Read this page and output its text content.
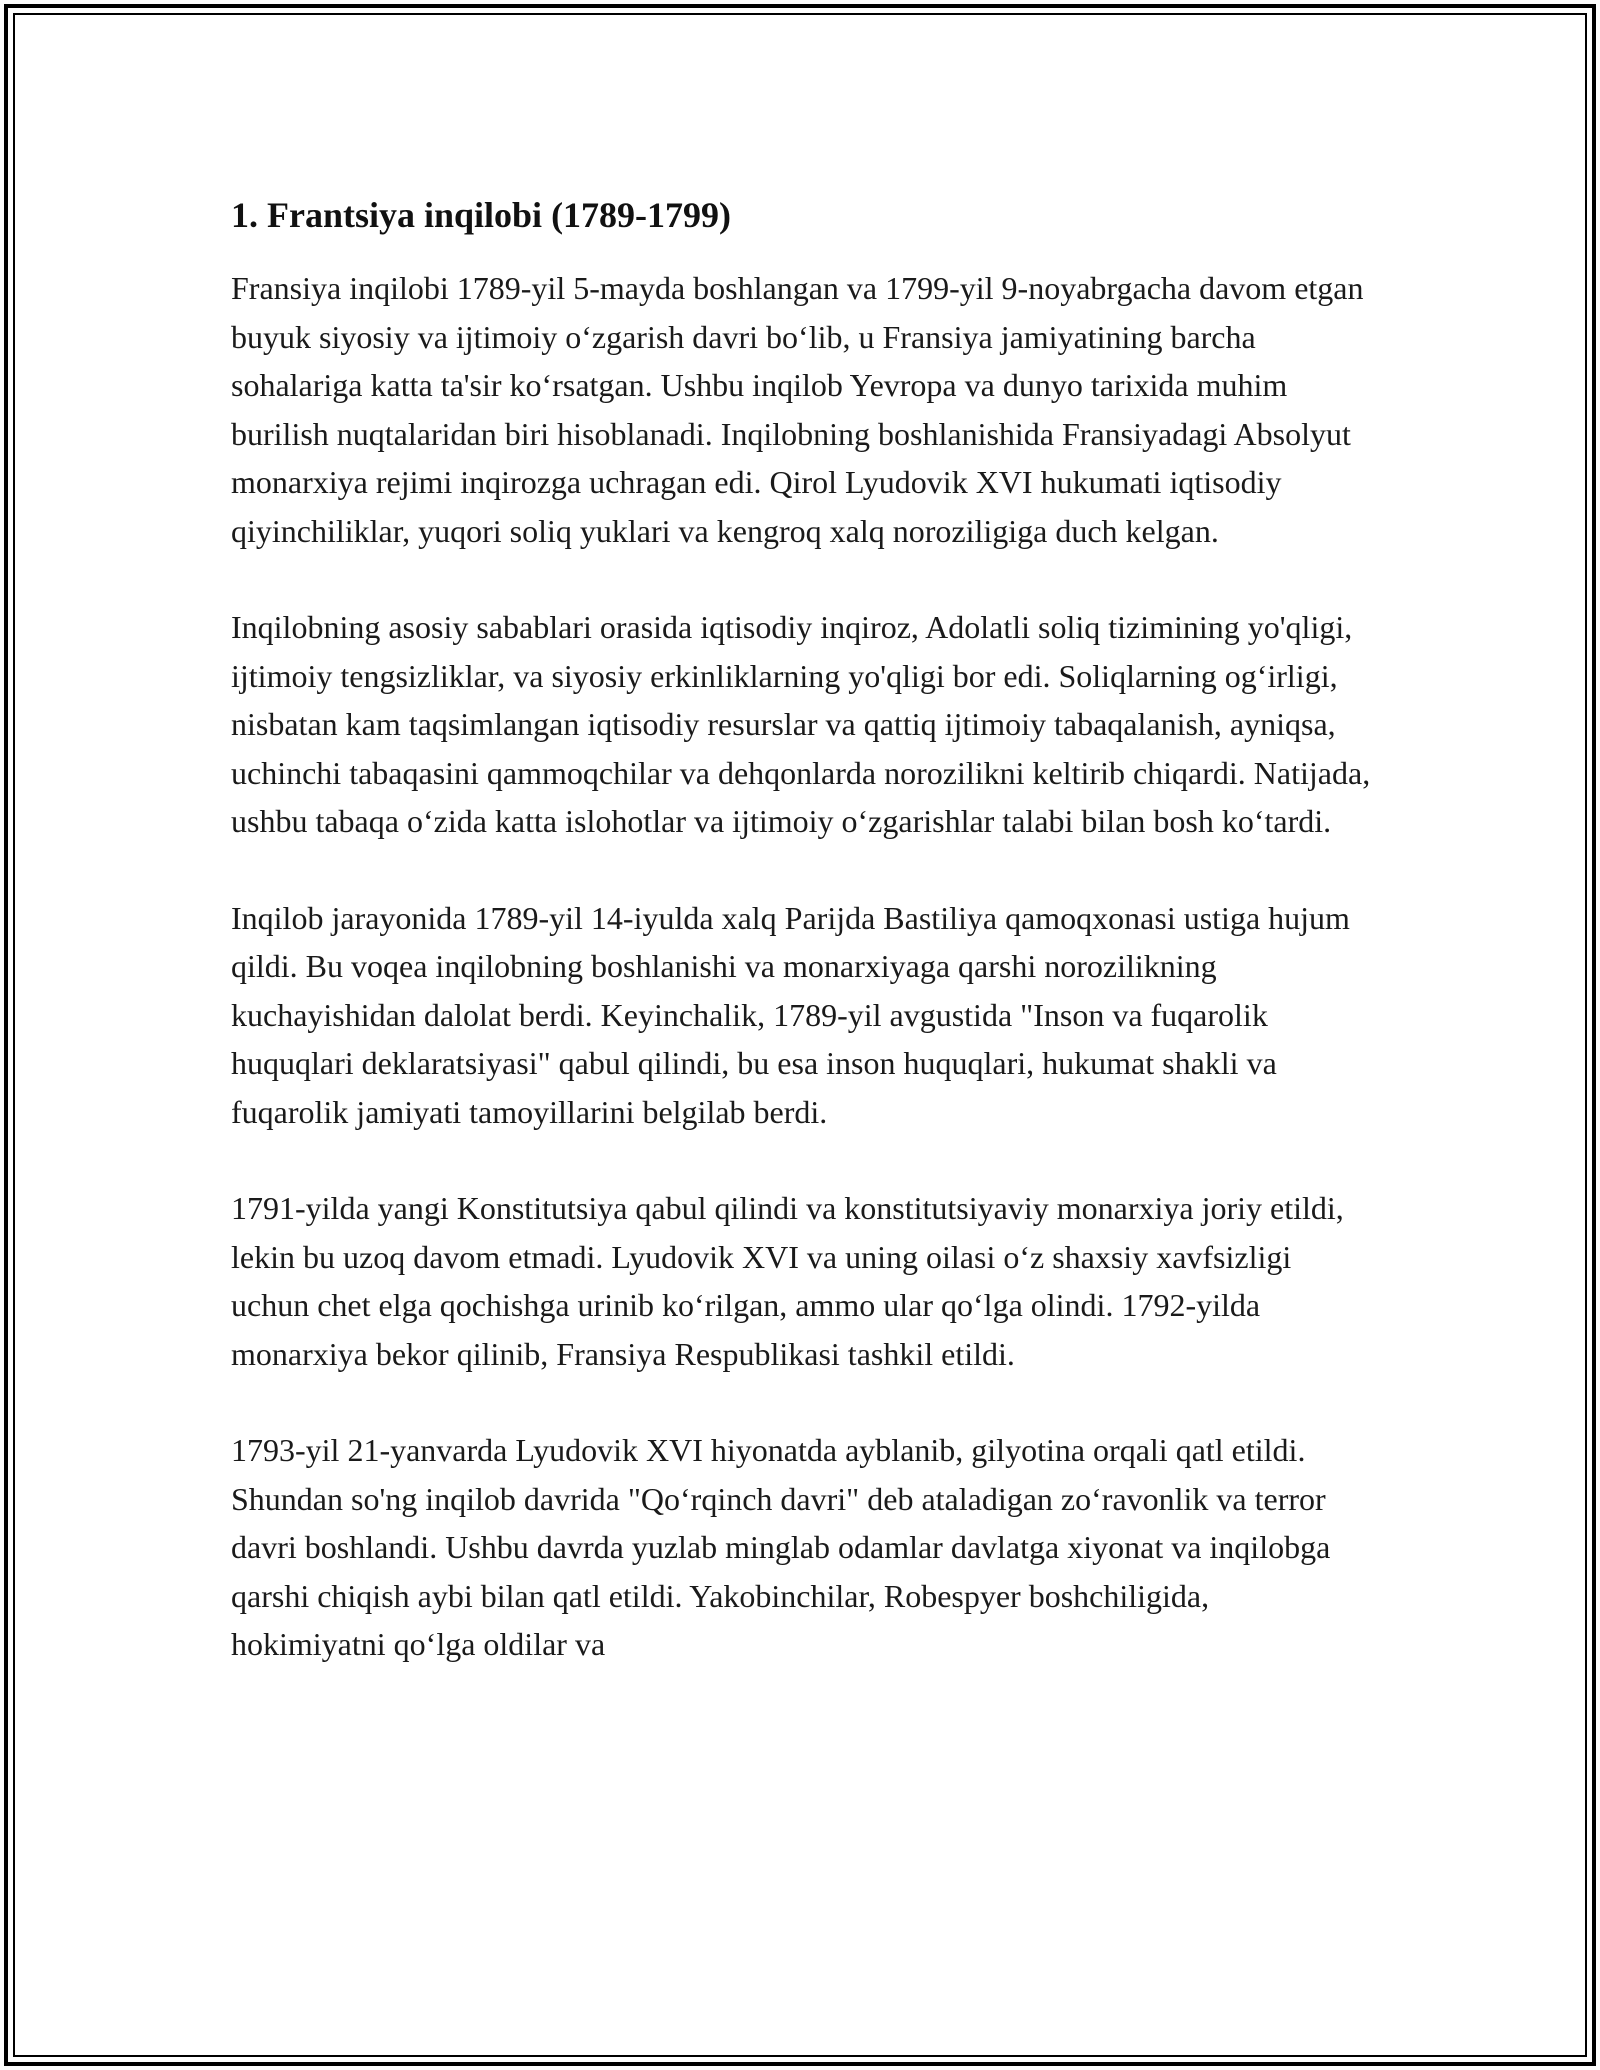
1. Frantsiya inqilobi (1789-1799)

Fransiya inqilobi 1789-yil 5-mayda boshlangan va 1799-yil 9-noyabrgacha davom etgan buyuk siyosiy va ijtimoiy o‘zgarish davri bo‘lib, u Fransiya jamiyatining barcha sohalariga katta ta'sir ko‘rsatgan. Ushbu inqilob Yevropa va dunyo tarixida muhim burilish nuqtalaridan biri hisoblanadi. Inqilobning boshlanishida Fransiyadagi Absolyut monarxiya rejimi inqirozga uchragan edi. Qirol Lyudovik XVI hukumati iqtisodiy qiyinchiliklar, yuqori soliq yuklari va kengroq xalq noroziligiga duch kelgan.

Inqilobning asosiy sabablari orasida iqtisodiy inqiroz, Adolatli soliq tizimining yo'qligi, ijtimoiy tengsizliklar, va siyosiy erkinliklarning yo'qligi bor edi. Soliqlarning og‘irligi, nisbatan kam taqsimlangan iqtisodiy resurslar va qattiq ijtimoiy tabaqalanish, ayniqsa, uchinchi tabaqasini qammoqchilar va dehqonlarda norozilikni keltirib chiqardi. Natijada, ushbu tabaqa o‘zida katta islohotlar va ijtimoiy o‘zgarishlar talabi bilan bosh ko‘tardi.

Inqilob jarayonida 1789-yil 14-iyulda xalq Parijda Bastiliya qamoqxonasi ustiga hujum qildi. Bu voqea inqilobning boshlanishi va monarxiyaga qarshi norozilikning kuchayishidan dalolat berdi. Keyinchalik, 1789-yil avgustida "Inson va fuqarolik huquqlari deklaratsiyasi" qabul qilindi, bu esa inson huquqlari, hukumat shakli va fuqarolik jamiyati tamoyillarini belgilab berdi.

1791-yilda yangi Konstitutsiya qabul qilindi va konstitutsiyaviy monarxiya joriy etildi, lekin bu uzoq davom etmadi. Lyudovik XVI va uning oilasi o‘z shaxsiy xavfsizligi uchun chet elga qochishga urinib ko‘rilgan, ammo ular qo‘lga olindi. 1792-yilda monarxiya bekor qilinib, Fransiya Respublikasi tashkil etildi.

1793-yil 21-yanvarda Lyudovik XVI hiyonatda ayblanib, gilyotina orqali qatl etildi. Shundan so'ng inqilob davrida "Qo‘rqinch davri" deb ataladigan zo‘ravonlik va terror davri boshlandi. Ushbu davrda yuzlab minglab odamlar davlatga xiyonat va inqilobga qarshi chiqish aybi bilan qatl etildi. Yakobinchilar, Robespyer boshchiligida, hokimiyatni qo‘lga oldilar va
